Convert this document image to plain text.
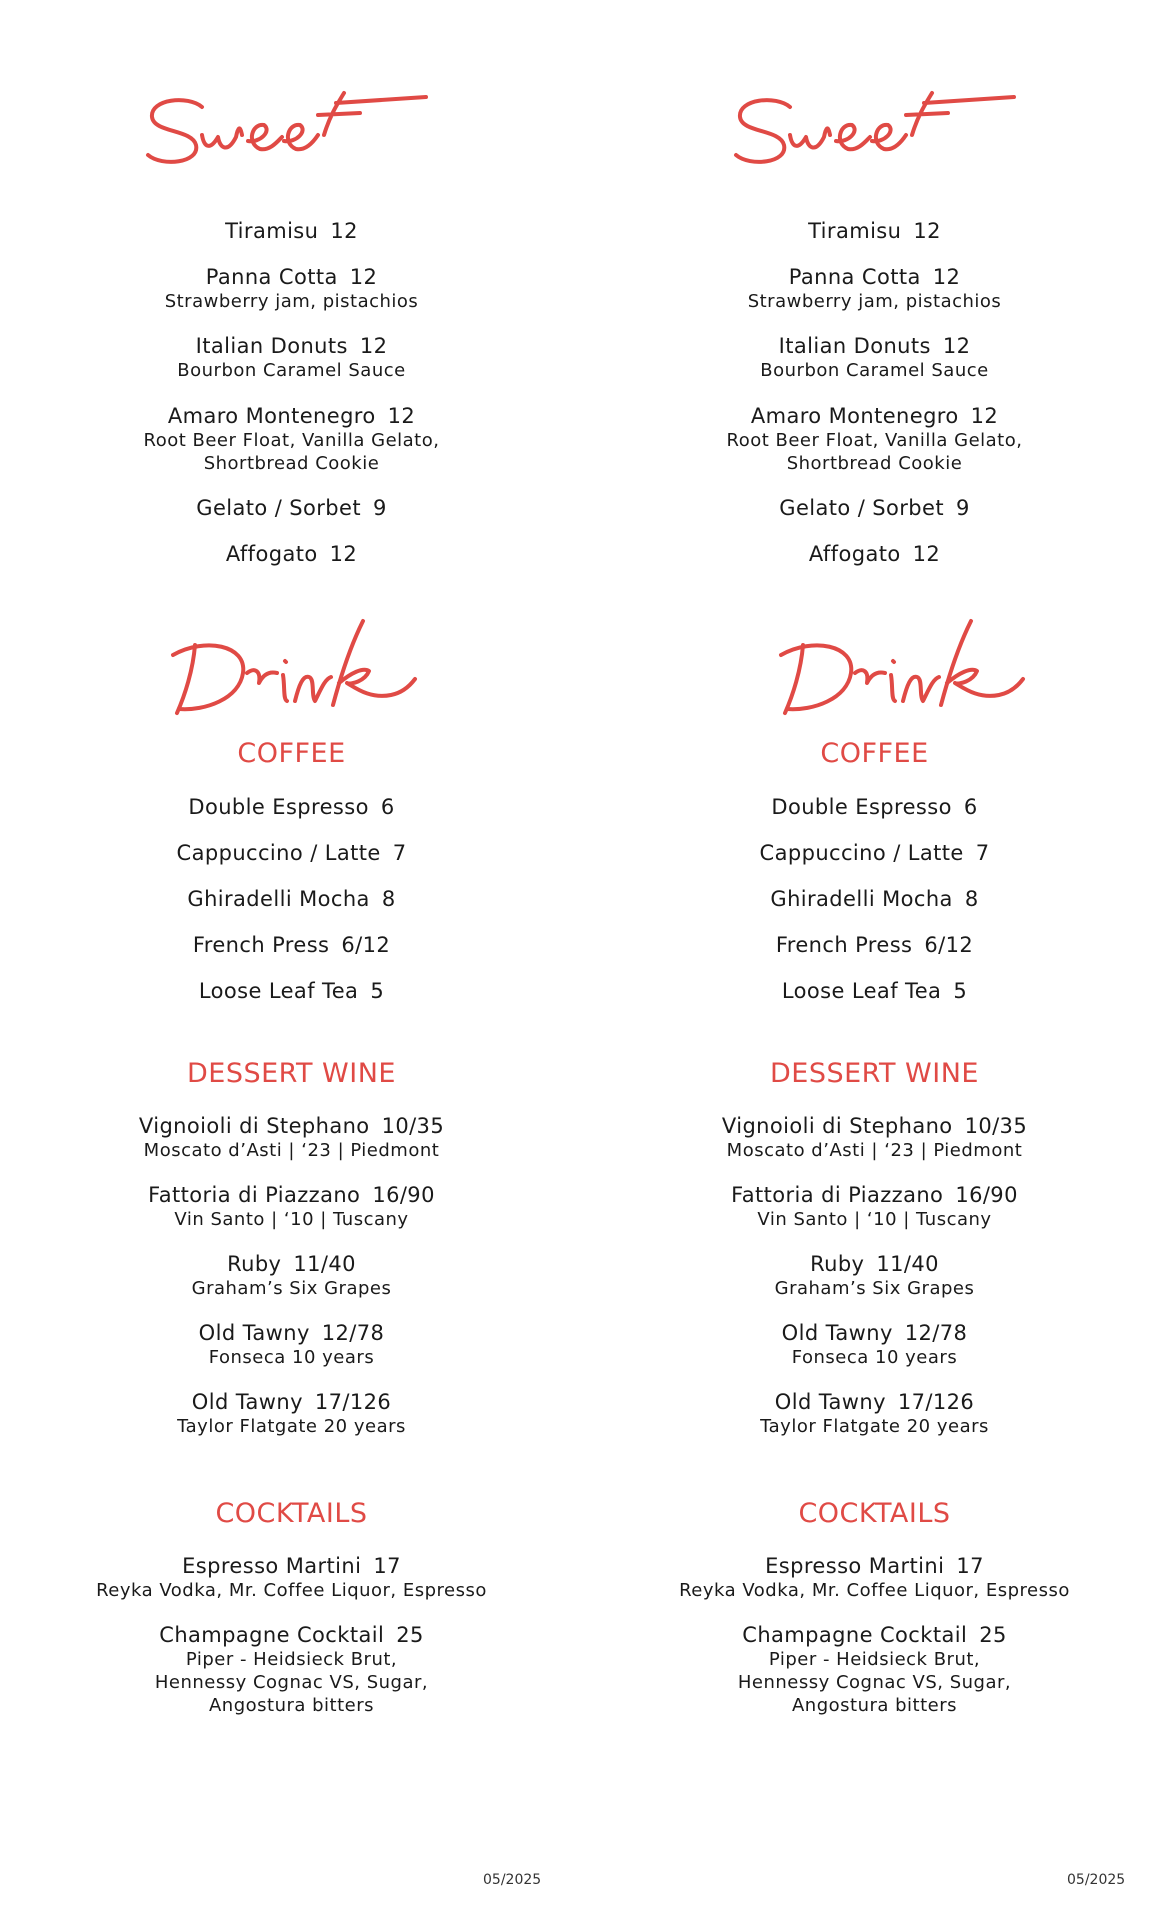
Sweet
Tiramisu 12
Panna Cotta 12
Strawberry jam, pistachios
Italian Donuts 12
Bourbon Caramel Sauce
Amaro Montenegro 12
Root Beer Float, Vanilla Gelato,
Shortbread Cookie
Gelato / Sorbet 9
Affogato 12
Drink
COFFEE
Double Espresso 6
Cappuccino / Latte 7
Ghiradelli Mocha 8
French Press 6/12
Loose Leaf Tea 5
DESSERT WINE
Vignoioli di Stephano 10/35
Moscato d’Asti | ‘23 | Piedmont
Fattoria di Piazzano 16/90
Vin Santo | ‘10 | Tuscany
Ruby 11/40
Graham’s Six Grapes
Old Tawny 12/78
Fonseca 10 years
Old Tawny 17/126
Taylor Flatgate 20 years
COCKTAILS
Espresso Martini 17
Reyka Vodka, Mr. Coffee Liquor, Espresso
Champagne Cocktail 25
Piper - Heidsieck Brut,
Hennessy Cognac VS, Sugar,
Angostura bitters
05/2025
Tiramisu 12
Panna Cotta 12
Strawberry jam, pistachios
Italian Donuts 12
Bourbon Caramel Sauce
Amaro Montenegro 12
Root Beer Float, Vanilla Gelato,
Shortbread Cookie
Gelato / Sorbet 9
Affogato 12
COFFEE
Double Espresso 6
Cappuccino / Latte 7
Ghiradelli Mocha 8
French Press 6/12
Loose Leaf Tea 5
DESSERT WINE
Vignoioli di Stephano 10/35
Moscato d’Asti | ‘23 | Piedmont
Fattoria di Piazzano 16/90
Vin Santo | ‘10 | Tuscany
Ruby 11/40
Graham’s Six Grapes
Old Tawny 12/78
Fonseca 10 years
Old Tawny 17/126
Taylor Flatgate 20 years
COCKTAILS
Espresso Martini 17
Reyka Vodka, Mr. Coffee Liquor, Espresso
Champagne Cocktail 25
Piper - Heidsieck Brut,
Hennessy Cognac VS, Sugar,
Angostura bitters
05/2025
